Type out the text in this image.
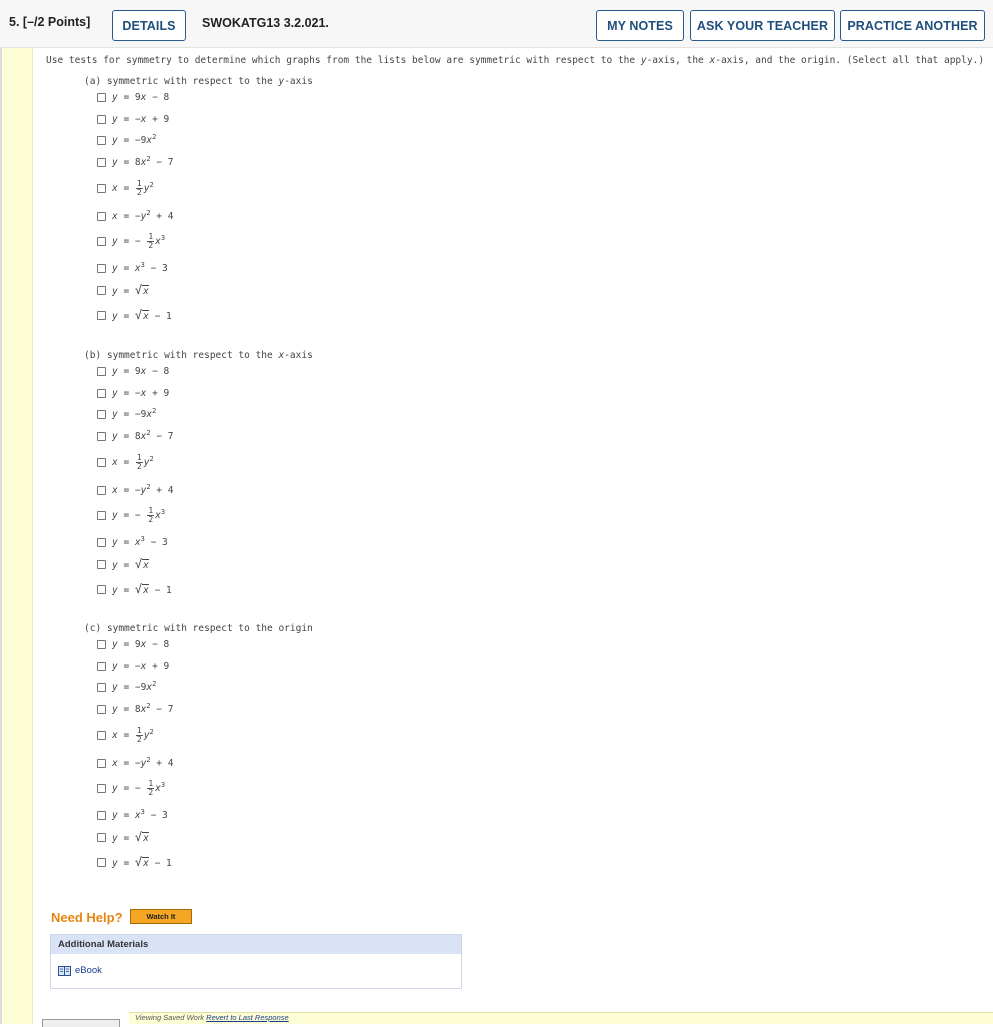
5. [–/2 Points]	DETAILS	SWOKATG13 3.2.021.	MY NOTES	ASK YOUR TEACHER	PRACTICE ANOTHER
Use tests for symmetry to determine which graphs from the lists below are symmetric with respect to the y-axis, the x-axis, and the origin. (Select all that apply.)
(a) symmetric with respect to the y-axis
y = 9x − 8
y = −x + 9
$y = -9x^2$
$y = 8x^2 - 7$
$x = \frac{1}{2} y^2$
$x = -y^2 + 4$
y = − $\frac{1}{2} x^3$
$y = x^3 - 3$
y = √x
y = √x − 1
(b) symmetric with respect to the x-axis
y = 9x − 8
y = −x + 9
$y = -9x^2$
$y = 8x^2 - 7$
$x = \frac{1}{2} y^2$
$x = -y^2 + 4$
y = − $\frac{1}{2} x^3$
$y = x^3 - 3$
y = √x
y = √x − 1
(c) symmetric with respect to the origin
y = 9x − 8
y = −x + 9
$y = -9x^2$
$y = 8x^2 - 7$
$x = \frac{1}{2} y^2$
$x = -y^2 + 4$
y = − $\frac{1}{2} x^3$
$y = x^3 - 3$
y = √x
y = √x − 1
Need Help?	Watch It
Additional Materials
eBook
Viewing Saved Work Revert to Last Response
